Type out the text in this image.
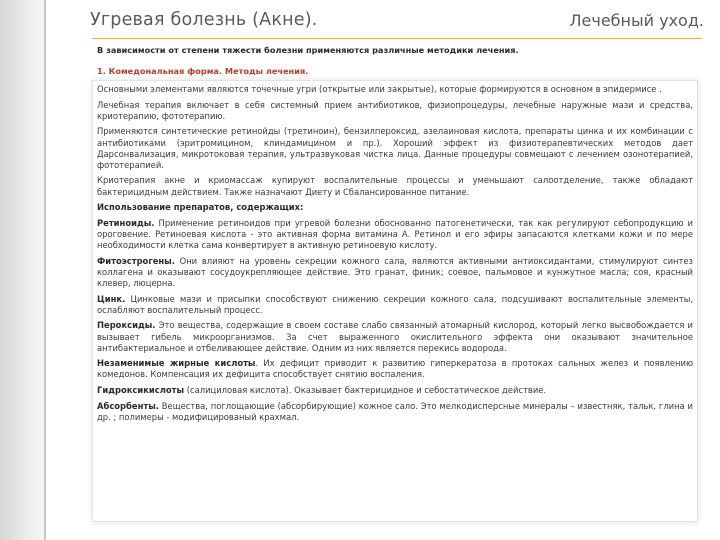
Угревая болезнь (Акне).	Лечебный уход.
В зависимости от степени тяжести болезни применяются различные методики лечения.
1. Комедональная форма. Методы лечения.

Основными элементами являются точечные угри (открытые или закрытые), которые формируются в основном в эпидермисе .

Лечебная терапия включает в себя системный прием антибиотиков, физиопроцедуры, лечебные наружные мази и средства, криотерапию, фототерапию.

Применяются синтетические ретинойды (третиноин), бензилпероксид, азелаиновая кислота, препараты цинка и их комбинации с антибиотиками (эритромицином, клиндамицином и пр.). Хороший эффект из физиотерапевтических методов дает Дарсонвализация, микротоковая терапия, ультразвуковая чистка лица. Данные процедуры совмещают с лечением озонотерапией, фототерапией.

Криотерапия акне и криомассаж купируют воспалительные процессы и уменьшают салоотделение, также обладают бактерицидным действием. Также назначают Диету и Сбалансированное питание.

Использование препаратов, содержащих:

Ретиноиды. Применение ретиноидов при угревой болезни обоснованно патогенетически, так как регулируют себопродукцию и ороговение. Ретиноевая кислота - это активная форма витамина А. Ретинол и его эфиры запасаются клетками кожи и по мере необходимости клетка сама конвертирует в активную ретиноевую кислоту.
Фитоэстрогены. Они влияют на уровень секреции кожного сала, являются активными антиоксидантами, стимулируют синтез коллагена и оказывают сосудоукрепляющее действие. Это гранат, финик; соевое, пальмовое и кунжутное масла; соя, красный клевер, люцерна.
Цинк. Цинковые мази и присыпки способствуют снижению секреции кожного сала, подсушивают воспалительные элементы, ослабляют воспалительный процесс.
Пероксиды. Это вещества, содержащие в своем составе слабо связанный атомарный кислород, который легко высвобождается и вызывает гибель микроорганизмов. За счет выраженного окислительного эффекта они оказывают значительное антибактериальное и отбеливающее действие. Одним из них является перекись водорода.
Незаменимые жирные кислоты. Их дефицит приводит к развитию гиперкератоза в протоках сальных желез и появлению комедонов. Компенсация их дефицита способствует снятию воспаления.
Гидроксикислоты (салициловая кислота). Оказывает бактерицидное и себостатическое действие.
Абсорбенты. Вещества, поглощающие (абсорбирующие) кожное сало. Это мелкодисперсные минералы – известняк, тальк, глина и др. ; полимеры - модифицированый крахмал.
